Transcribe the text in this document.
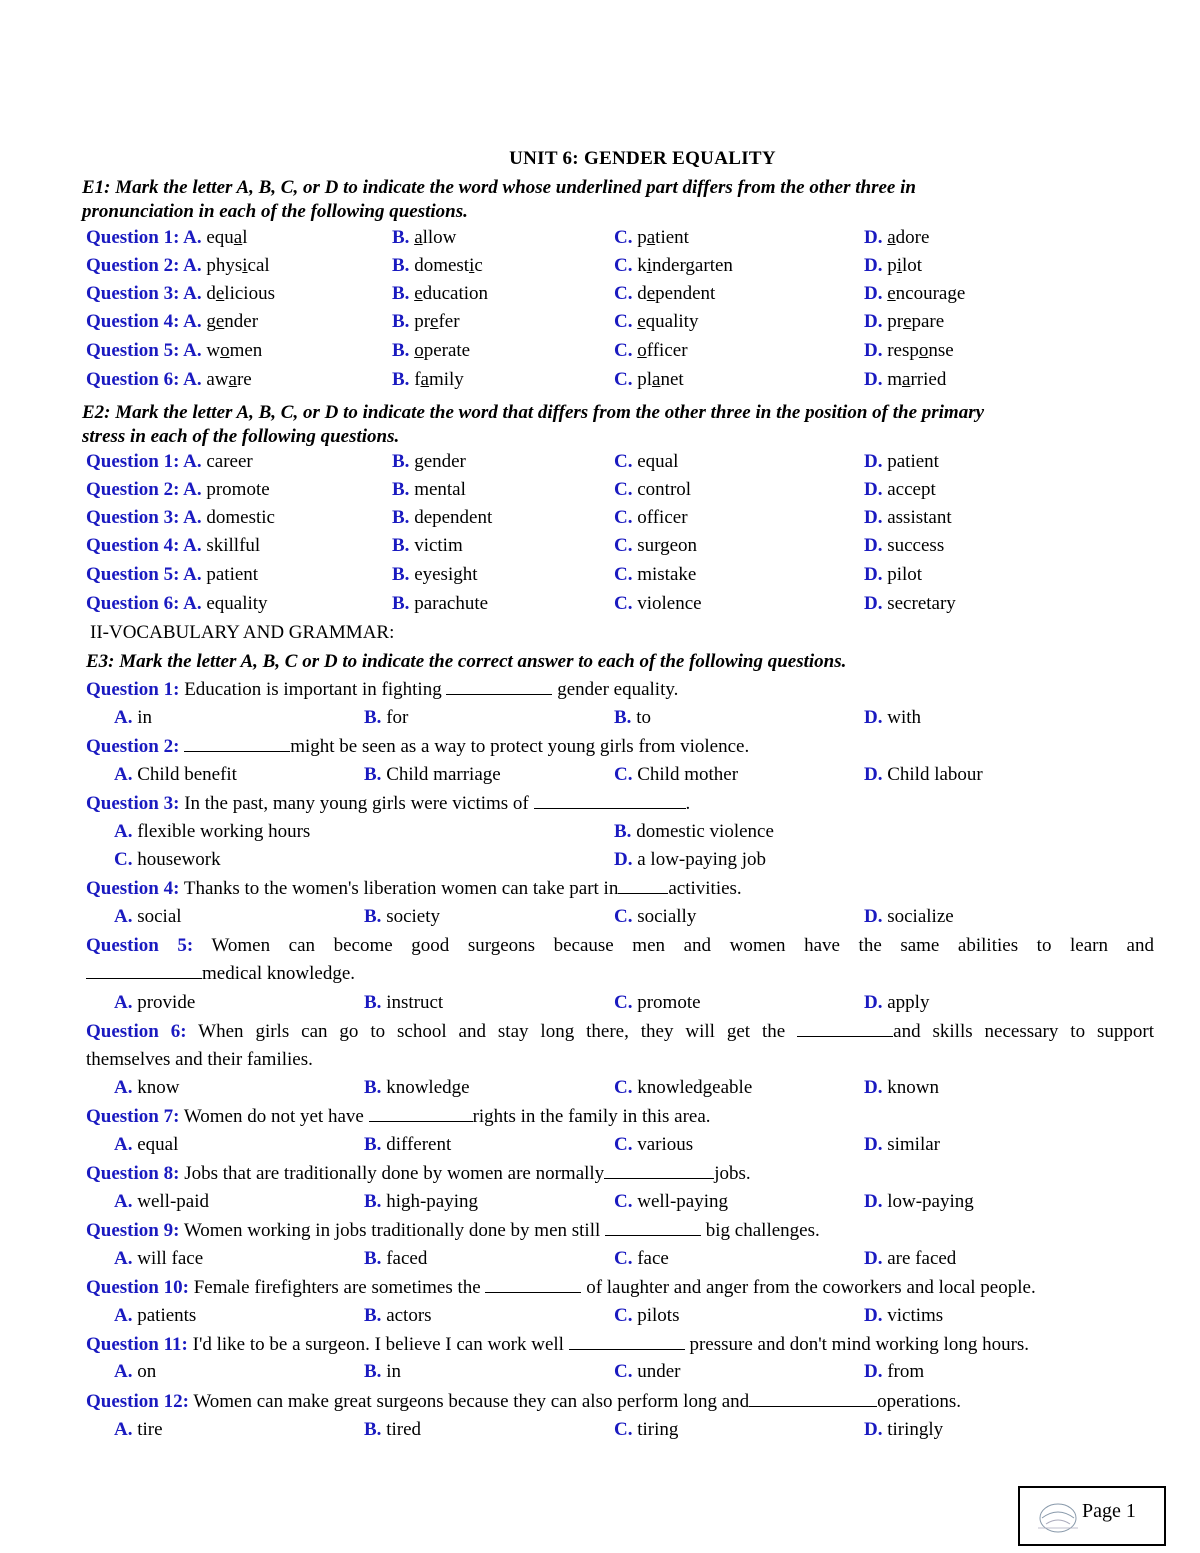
UNIT 6: GENDER EQUALITY
E1: Mark the letter A, B, C, or D to indicate the word whose underlined part differs from the other three in
pronunciation in each of the following questions.
Question 1: A. equal	B. allow	C. patient	D. adore
Question 2: A. physical	B. domestic	C. kindergarten	D. pilot
Question 3: A. delicious	B. education	C. dependent	D. encourage
Question 4: A. gender	B. prefer	C. equality	D. prepare
Question 5: A. women	B. operate	C. officer	D. response
Question 6: A. aware	B. family	C. planet	D. married
E2: Mark the letter A, B, C, or D to indicate the word that differs from the other three in the position of the primary
stress in each of the following questions.
Question 1: A. career	B. gender	C. equal	D. patient
Question 2: A. promote	B. mental	C. control	D. accept
Question 3: A. domestic	B. dependent	C. officer	D. assistant
Question 4: A. skillful	B. victim	C. surgeon	D. success
Question 5: A. patient	B. eyesight	C. mistake	D. pilot
Question 6: A. equality	B. parachute	C. violence	D. secretary
II-VOCABULARY AND GRAMMAR:
E3: Mark the letter A, B, C or D to indicate the correct answer to each of the following questions.
Question 1: Education is important in fighting	gender equality.
A. in	B. for	B. to	D. with
Question 2:	might be seen as a way to protect young girls from violence.
A. Child benefit	B. Child marriage	C. Child mother	D. Child labour
Question 3: In the past, many young girls were victims of	.
A. flexible working hours	B. domestic violence
C. housework	D. a low-paying job
Question 4: Thanks to the women's liberation women can take part in	activities.
A. social	B. society	C. socially	D. socialize
Question 5: Women can become good surgeons because men and women have the same abilities to learn and
medical knowledge.
A. provide	B. instruct	C. promote	D. apply
Question 6: When girls can go to school and stay long there, they will get the	and skills necessary to support
themselves and their families.
A. know	B. knowledge	C. knowledgeable	D. known
Question 7: Women do not yet have	rights in the family in this area.
A. equal	B. different	C. various	D. similar
Question 8: Jobs that are traditionally done by women are normally	jobs.
A. well-paid	B. high-paying	C. well-paying	D. low-paying
Question 9: Women working in jobs traditionally done by men still	big challenges.
A. will face	B. faced	C. face	D. are faced
Question 10: Female firefighters are sometimes the	of laughter and anger from the coworkers and local people.
A. patients	B. actors	C. pilots	D. victims
Question 11: I'd like to be a surgeon. I believe I can work well	pressure and don't mind working long hours.
A. on	B. in	C. under	D. from
Question 12: Women can make great surgeons because they can also perform long and	operations.
A. tire	B. tired	C. tiring	D. tiringly
Page 1
